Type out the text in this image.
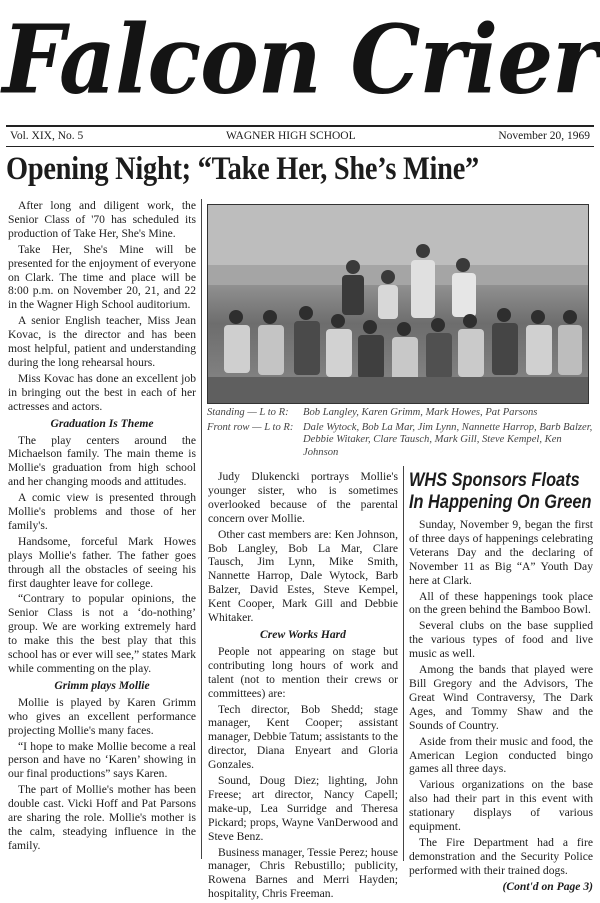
Falcon Crier
Vol. XIX, No. 5	WAGNER HIGH SCHOOL	November 20, 1969
Opening Night; “Take Her, She’s Mine”

After long and diligent work, the Senior Class of '70 has scheduled its production of Take Her, She's Mine.

Take Her, She's Mine will be presented for the enjoyment of everyone on Clark. The time and place will be 8:00 p.m. on November 20, 21, and 22 in the Wagner High School auditorium.

A senior English teacher, Miss Jean Kovac, is the director and has been most helpful, patient and understanding during the long rehearsal hours.

Miss Kovac has done an excellent job in bringing out the best in each of her actresses and actors.

Graduation Is Theme

The play centers around the Michaelson family. The main theme is Mollie's graduation from high school and her changing moods and attitudes.

A comic view is presented through Mollie's problems and those of her family's.

Handsome, forceful Mark Howes plays Mollie's father. The father goes through all the obstacles of seeing his first daughter leave for college.

“Contrary to popular opinions, the Senior Class is not a ‘do-nothing’ group. We are working extremely hard to make this the best play that this school has or ever will see,” states Mark while commenting on the play.

Grimm plays Mollie

Mollie is played by Karen Grimm who gives an excellent performance projecting Mollie's many faces.

“I hope to make Mollie become a real person and have no ‘Karen’ showing in our final productions” says Karen.

The part of Mollie's mother has been double cast. Vicki Hoff and Pat Parsons are sharing the role. Mollie's mother is the calm, steadying influence in the family.

Standing — L to R:	Bob Langley, Karen Grimm, Mark Howes, Pat Parsons
Front row — L to R: Dale Wytock, Bob La Mar, Jim Lynn, Nannette Harrop, Barb Balzer, Debbie Witaker, Clare Tausch, Mark Gill, Steve Kempel, Ken Johnson

Judy Dlukencki portrays Mollie's younger sister, who is sometimes overlooked because of the parental concern over Mollie.

Other cast members are: Ken Johnson, Bob Langley, Bob La Mar, Clare Tausch, Jim Lynn, Mike Smith, Nannette Harrop, Dale Wytock, Barb Balzer, David Estes, Steve Kempel, Kent Cooper, Mark Gill and Debbie Whitaker.

Crew Works Hard

People not appearing on stage but contributing long hours of work and talent (not to mention their crews or committees) are:

Tech director, Bob Shedd; stage manager, Kent Cooper; assistant manager, Debbie Tatum; assistants to the director, Diana Enyeart and Gloria Gonzales.

Sound, Doug Diez; lighting, John Freese; art director, Nancy Capell; make-up, Lea Surridge and Theresa Pickard; props, Wayne VanDerwood and Steve Benz.

Business manager, Tessie Perez; house manager, Chris Rebustillo; publicity, Rowena Barnes and Merri Hayden; hospitality, Chris Freeman.

WHS Sponsors Floats In Happening On Green

Sunday, November 9, began the first of three days of happenings celebrating Veterans Day and the declaring of November 11 as Big “A” Youth Day here at Clark.

All of these happenings took place on the green behind the Bamboo Bowl.

Several clubs on the base supplied the various types of food and live music as well.

Among the bands that played were Bill Gregory and the Advisors, The Great Wind Contraversy, The Dark Ages, and Tommy Shaw and the Sounds of Country.

Aside from their music and food, the American Legion conducted bingo games all three days.

Various organizations on the base also had their part in this event with stationary displays of various equipment.

The Fire Department had a fire demonstration and the Security Police performed with their trained dogs.

(Cont'd on Page 3)
